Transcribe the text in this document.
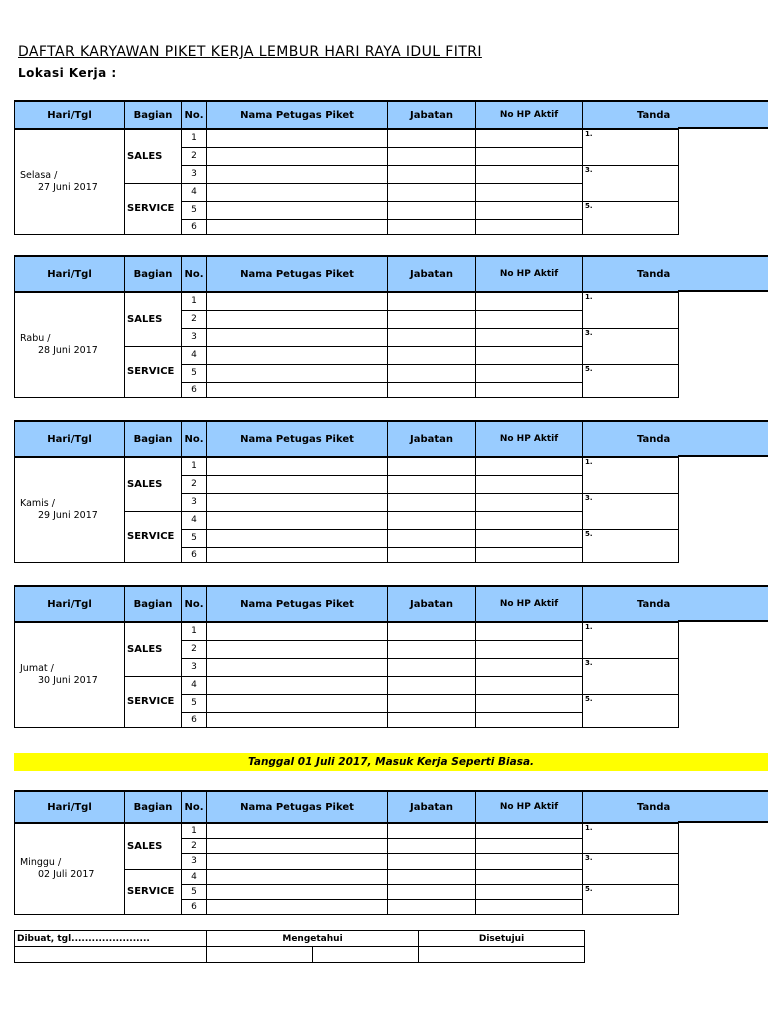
DAFTAR KARYAWAN PIKET KERJA LEMBUR HARI RAYA IDUL FITRI
Lokasi Kerja :
Hari/Tgl	Bagian	No.	Nama Petugas Piket	Jabatan	No HP Aktif	Tanda

Selasa /
27 Juni 2017	SALES	1				1.
		2				
		3				3.
	SERVICE	4				
		5				5.
		6				
Hari/Tgl	Bagian	No.	Nama Petugas Piket	Jabatan	No HP Aktif	Tanda

Rabu /
28 Juni 2017	SALES	1				1.
		2				
		3				3.
	SERVICE	4				
		5				5.
		6				
Hari/Tgl	Bagian	No.	Nama Petugas Piket	Jabatan	No HP Aktif	Tanda

Kamis /
29 Juni 2017	SALES	1				1.
		2				
		3				3.
	SERVICE	4				
		5				5.
		6				
Hari/Tgl	Bagian	No.	Nama Petugas Piket	Jabatan	No HP Aktif	Tanda

Jumat /
30 Juni 2017	SALES	1				1.
		2				
		3				3.
	SERVICE	4				
		5				5.
		6				
Hari/Tgl	Bagian	No.	Nama Petugas Piket	Jabatan	No HP Aktif	Tanda

Minggu /
02 Juli 2017	SALES	1				1.
		2				
		3				3.
	SERVICE	4				
		5				5.
		6				
Tanggal 01 Juli 2017, Masuk Kerja Seperti Biasa.
Dibuat, tgl.......................	Mengetahui		Disetujui
